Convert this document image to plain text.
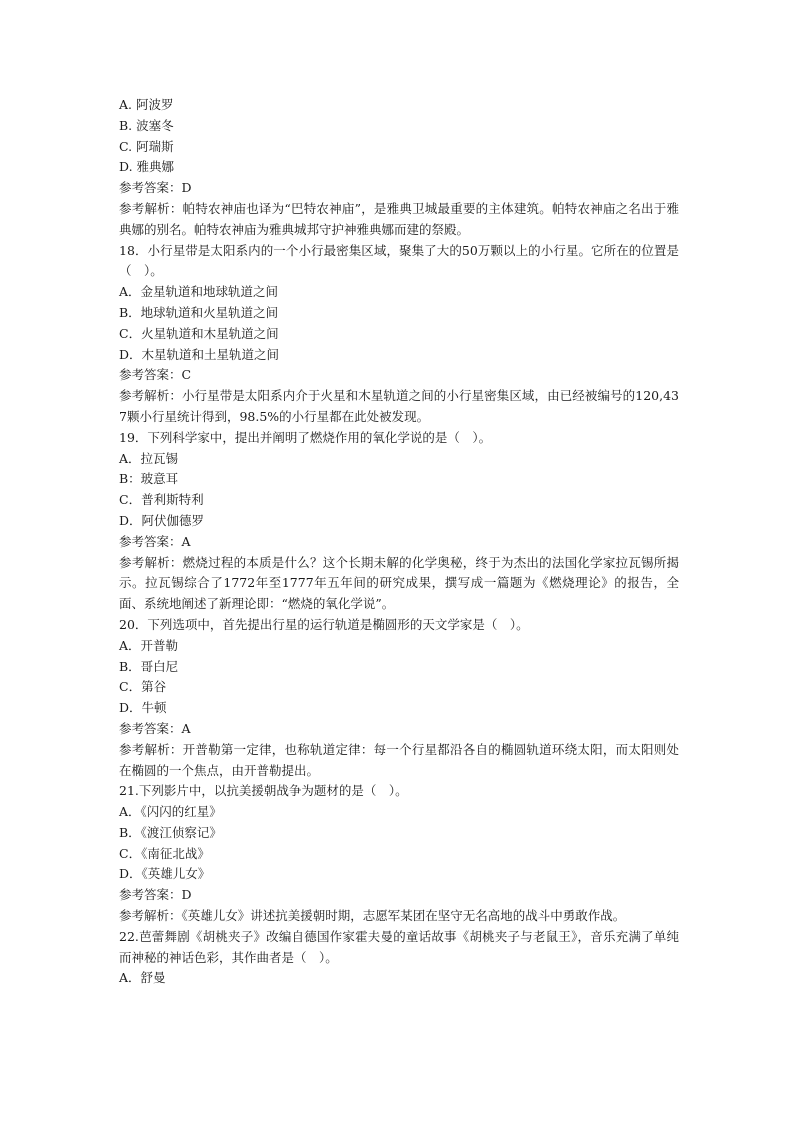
A. 阿波罗
B. 波塞冬
C. 阿瑞斯
D. 雅典娜
参考答案：D
参考解析：帕特农神庙也译为“巴特农神庙”，是雅典卫城最重要的主体建筑。帕特农神庙之名出于雅典娜的别名。帕特农神庙为雅典城邦守护神雅典娜而建的祭殿。
18．小行星带是太阳系内的一个小行最密集区域，聚集了大的50万颗以上的小行星。它所在的位置是（　）。
A．金星轨道和地球轨道之间
B．地球轨道和火星轨道之间
C．火星轨道和木星轨道之间
D．木星轨道和土星轨道之间
参考答案：C
参考解析：小行星带是太阳系内介于火星和木星轨道之间的小行星密集区域，由已经被编号的120,437颗小行星统计得到，98.5%的小行星都在此处被发现。
19．下列科学家中，提出并阐明了燃烧作用的氧化学说的是（　）。
A．拉瓦锡
B：玻意耳
C．普利斯特利
D．阿伏伽德罗
参考答案：A
参考解析：燃烧过程的本质是什么？这个长期未解的化学奥秘，终于为杰出的法国化学家拉瓦锡所揭示。拉瓦锡综合了1772年至1777年五年间的研究成果，撰写成一篇题为《燃烧理论》的报告，全面、系统地阐述了新理论即：“燃烧的氧化学说”。
20．下列选项中，首先提出行星的运行轨道是椭圆形的天文学家是（　）。
A．开普勒
B．哥白尼
C．第谷
D．牛顿
参考答案：A
参考解析：开普勒第一定律，也称轨道定律：每一个行星都沿各自的椭圆轨道环绕太阳，而太阳则处在椭圆的一个焦点，由开普勒提出。
21.下列影片中，以抗美援朝战争为题材的是（　）。
A．《闪闪的红星》
B．《渡江侦察记》
C．《南征北战》
D．《英雄儿女》
参考答案：D
参考解析：《英雄儿女》讲述抗美援朝时期，志愿军某团在坚守无名高地的战斗中勇敢作战。
22.芭蕾舞剧《胡桃夹子》改编自德国作家霍夫曼的童话故事《胡桃夹子与老鼠王》，音乐充满了单纯而神秘的神话色彩，其作曲者是（　）。
A．舒曼
